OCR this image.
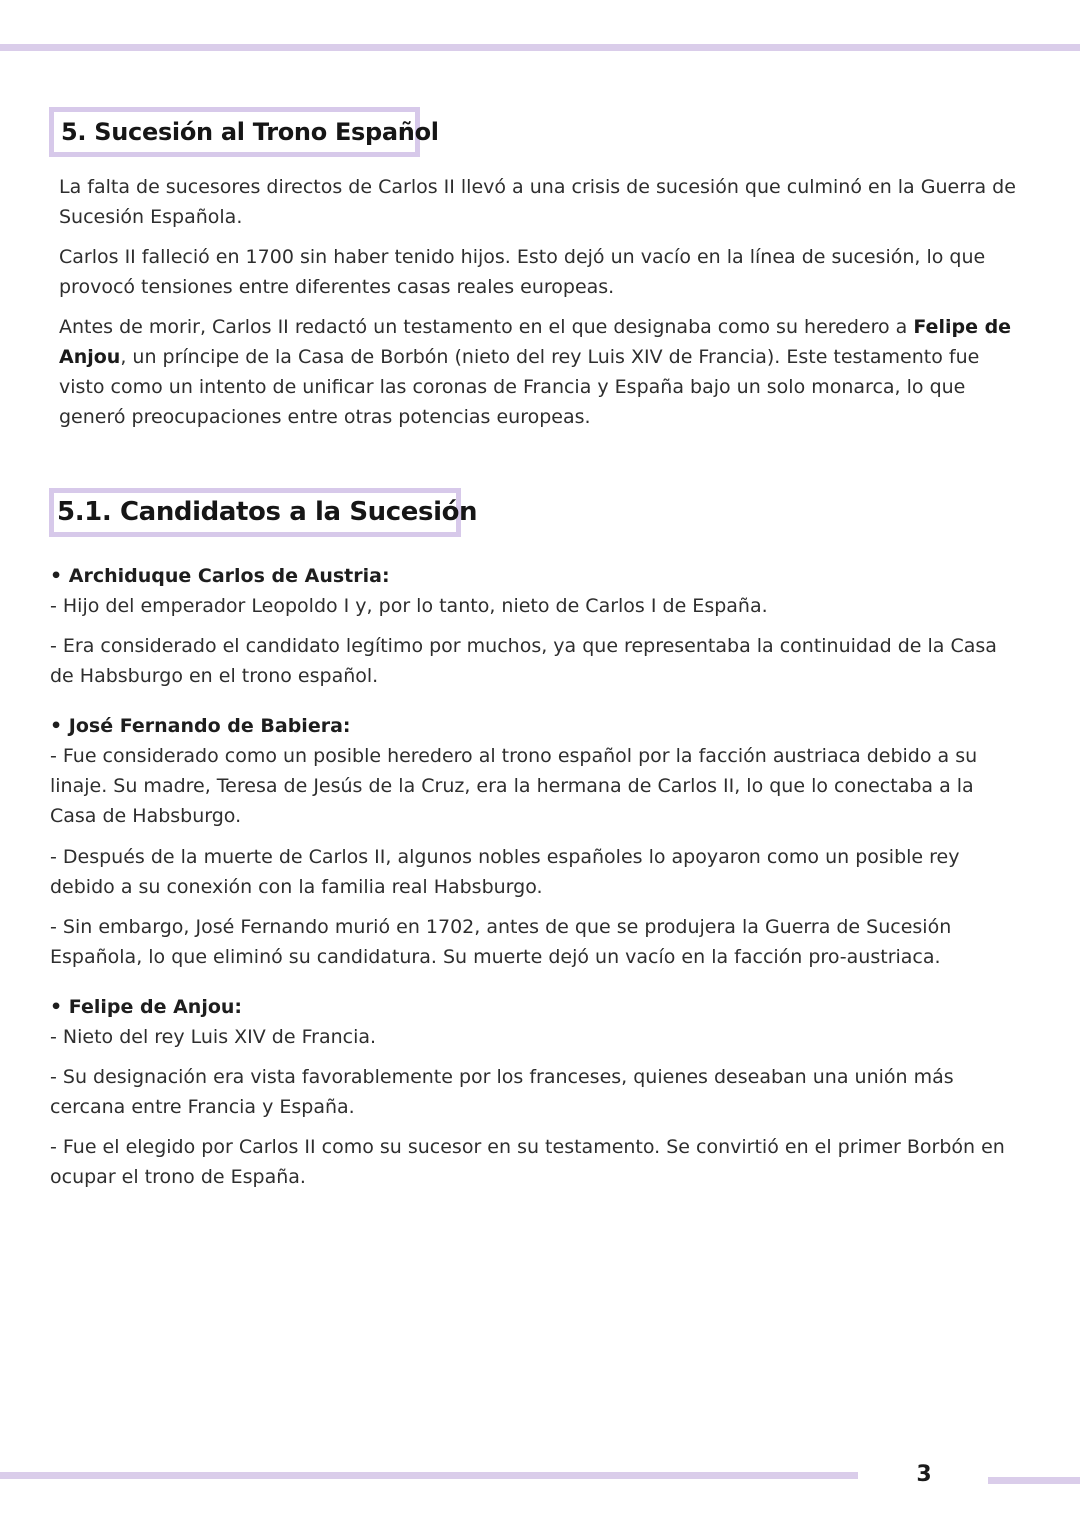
5. Sucesión al Trono Español

La falta de sucesores directos de Carlos II llevó a una crisis de sucesión que culminó en la Guerra de Sucesión Española.

Carlos II falleció en 1700 sin haber tenido hijos. Esto dejó un vacío en la línea de sucesión, lo que provocó tensiones entre diferentes casas reales europeas.

Antes de morir, Carlos II redactó un testamento en el que designaba como su heredero a Felipe de Anjou, un príncipe de la Casa de Borbón (nieto del rey Luis XIV de Francia). Este testamento fue visto como un intento de unificar las coronas de Francia y España bajo un solo monarca, lo que generó preocupaciones entre otras potencias europeas.

5.1. Candidatos a la Sucesión
• Archiduque Carlos de Austria:

- Hijo del emperador Leopoldo I y, por lo tanto, nieto de Carlos I de España.

- Era considerado el candidato legítimo por muchos, ya que representaba la continuidad de la Casa de Habsburgo en el trono español.

• José Fernando de Babiera:

- Fue considerado como un posible heredero al trono español por la facción austriaca debido a su linaje. Su madre, Teresa de Jesús de la Cruz, era la hermana de Carlos II, lo que lo conectaba a la Casa de Habsburgo.

- Después de la muerte de Carlos II, algunos nobles españoles lo apoyaron como un posible rey debido a su conexión con la familia real Habsburgo.

- Sin embargo, José Fernando murió en 1702, antes de que se produjera la Guerra de Sucesión Española, lo que eliminó su candidatura. Su muerte dejó un vacío en la facción pro-austriaca.

• Felipe de Anjou:

- Nieto del rey Luis XIV de Francia.

- Su designación era vista favorablemente por los franceses, quienes deseaban una unión más cercana entre Francia y España.

- Fue el elegido por Carlos II como su sucesor en su testamento. Se convirtió en el primer Borbón en ocupar el trono de España.

3
